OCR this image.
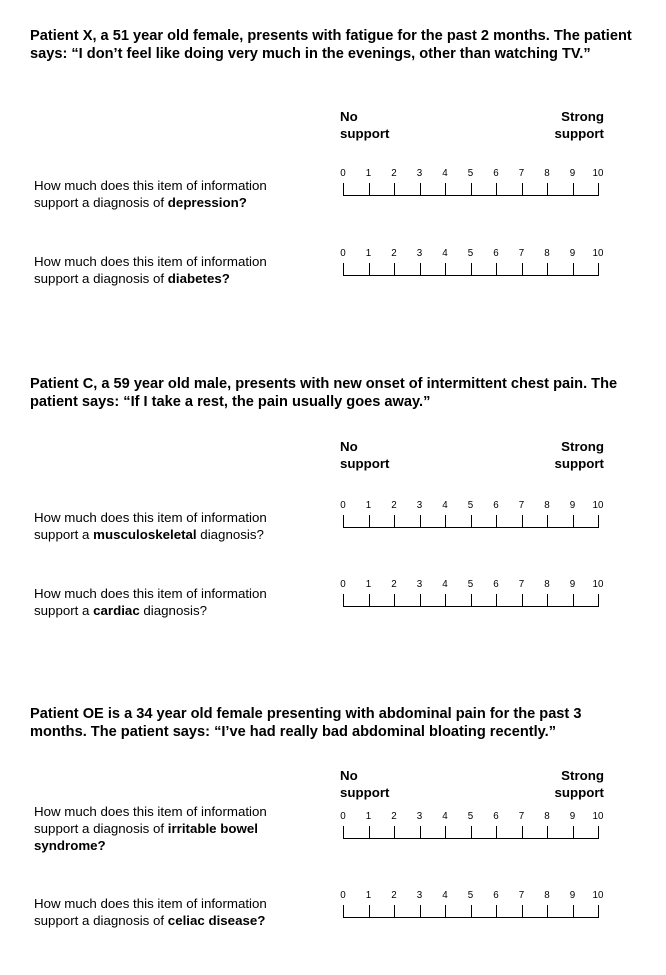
Patient X, a 51 year old female, presents with fatigue for the past 2 months. The patient says: “I don’t feel like doing very much in the evenings, other than watching TV.”

No
support
Strong
support
How much does this item of information
support a diagnosis of depression?
0	1	2	3	4	5	6	7	8	9	10
How much does this item of information
support a diagnosis of diabetes?
0	1	2	3	4	5	6	7	8	9	10

Patient C, a 59 year old male, presents with new onset of intermittent chest pain. The patient says: “If I take a rest, the pain usually goes away.”

No
support
Strong
support
How much does this item of information
support a musculoskeletal diagnosis?
0	1	2	3	4	5	6	7	8	9	10
How much does this item of information
support a cardiac diagnosis?
0	1	2	3	4	5	6	7	8	9	10

Patient OE is a 34 year old female presenting with abdominal pain for the past 3 months. The patient says: “I’ve had really bad abdominal bloating recently.”

No
support
Strong
support
How much does this item of information
support a diagnosis of irritable bowel syndrome?
0	1	2	3	4	5	6	7	8	9	10
How much does this item of information
support a diagnosis of celiac disease?
0	1	2	3	4	5	6	7	8	9	10
